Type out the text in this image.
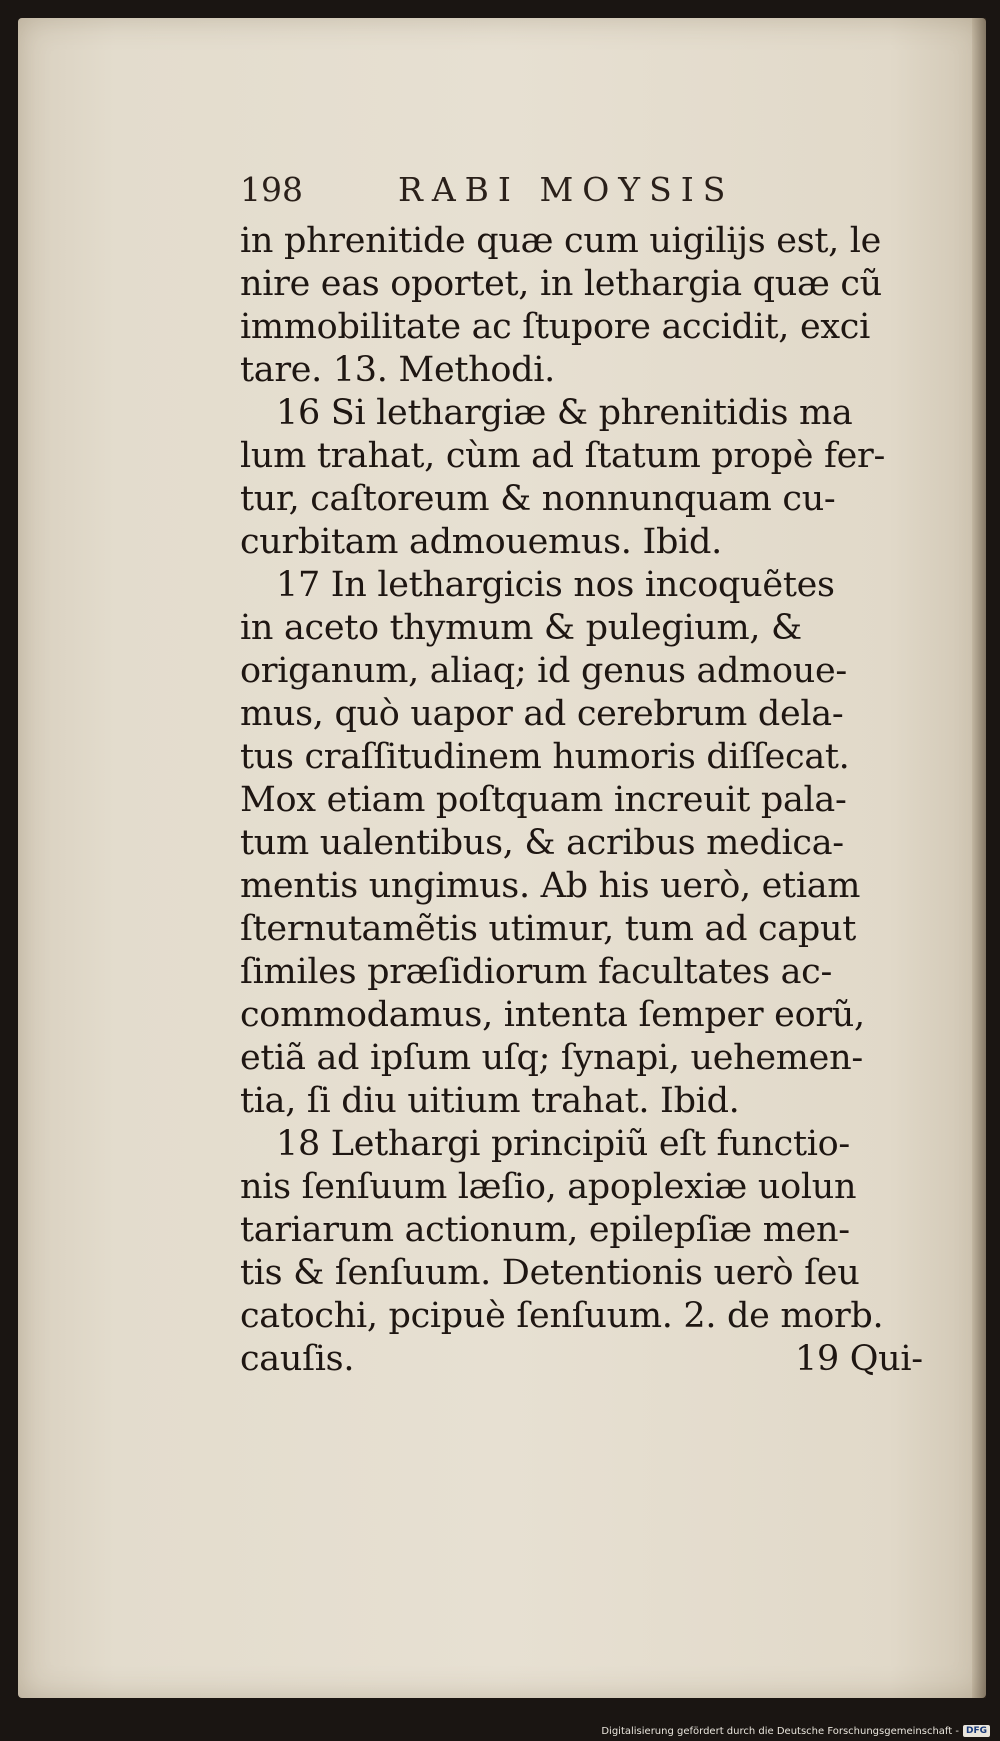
198	RABI MOYSIS
in phrenitide quæ cum uigilijs est, le
nire eas oportet, in lethargia quæ cũ
immobilitate ac ſtupore accidit, exci
tare. 13. Methodi.
16 Si lethargiæ & phrenitidis ma
lum trahat, cùm ad ſtatum propè fer-
tur, caſtoreum & nonnunquam cu-
curbitam admouemus. Ibid.
17 In lethargicis nos incoquẽtes
in aceto thymum & pulegium, &
origanum, aliaq; id genus admoue-
mus, quò uapor ad cerebrum dela-
tus craſſitudinem humoris diſſecat.
Mox etiam poſtquam increuit pala-
tum ualentibus, & acribus medica-
mentis ungimus. Ab his uerò, etiam
ſternutamẽtis utimur, tum ad caput
ſimiles præſidiorum facultates ac-
commodamus, intenta ſemper eorũ,
etiã ad ipſum uſq; ſynapi, uehemen-
tia, ſi diu uitium trahat. Ibid.
18 Lethargi principiũ eſt functio-
nis ſenſuum læſio, apoplexiæ uolun
tariarum actionum, epilepſiæ men-
tis & ſenſuum. Detentionis uerò ſeu
catochi, pcipuè ſenſuum. 2. de morb.
cauſis.	19 Qui-
Digitalisierung gefördert durch die Deutsche Forschungsgemeinschaft - DFG
